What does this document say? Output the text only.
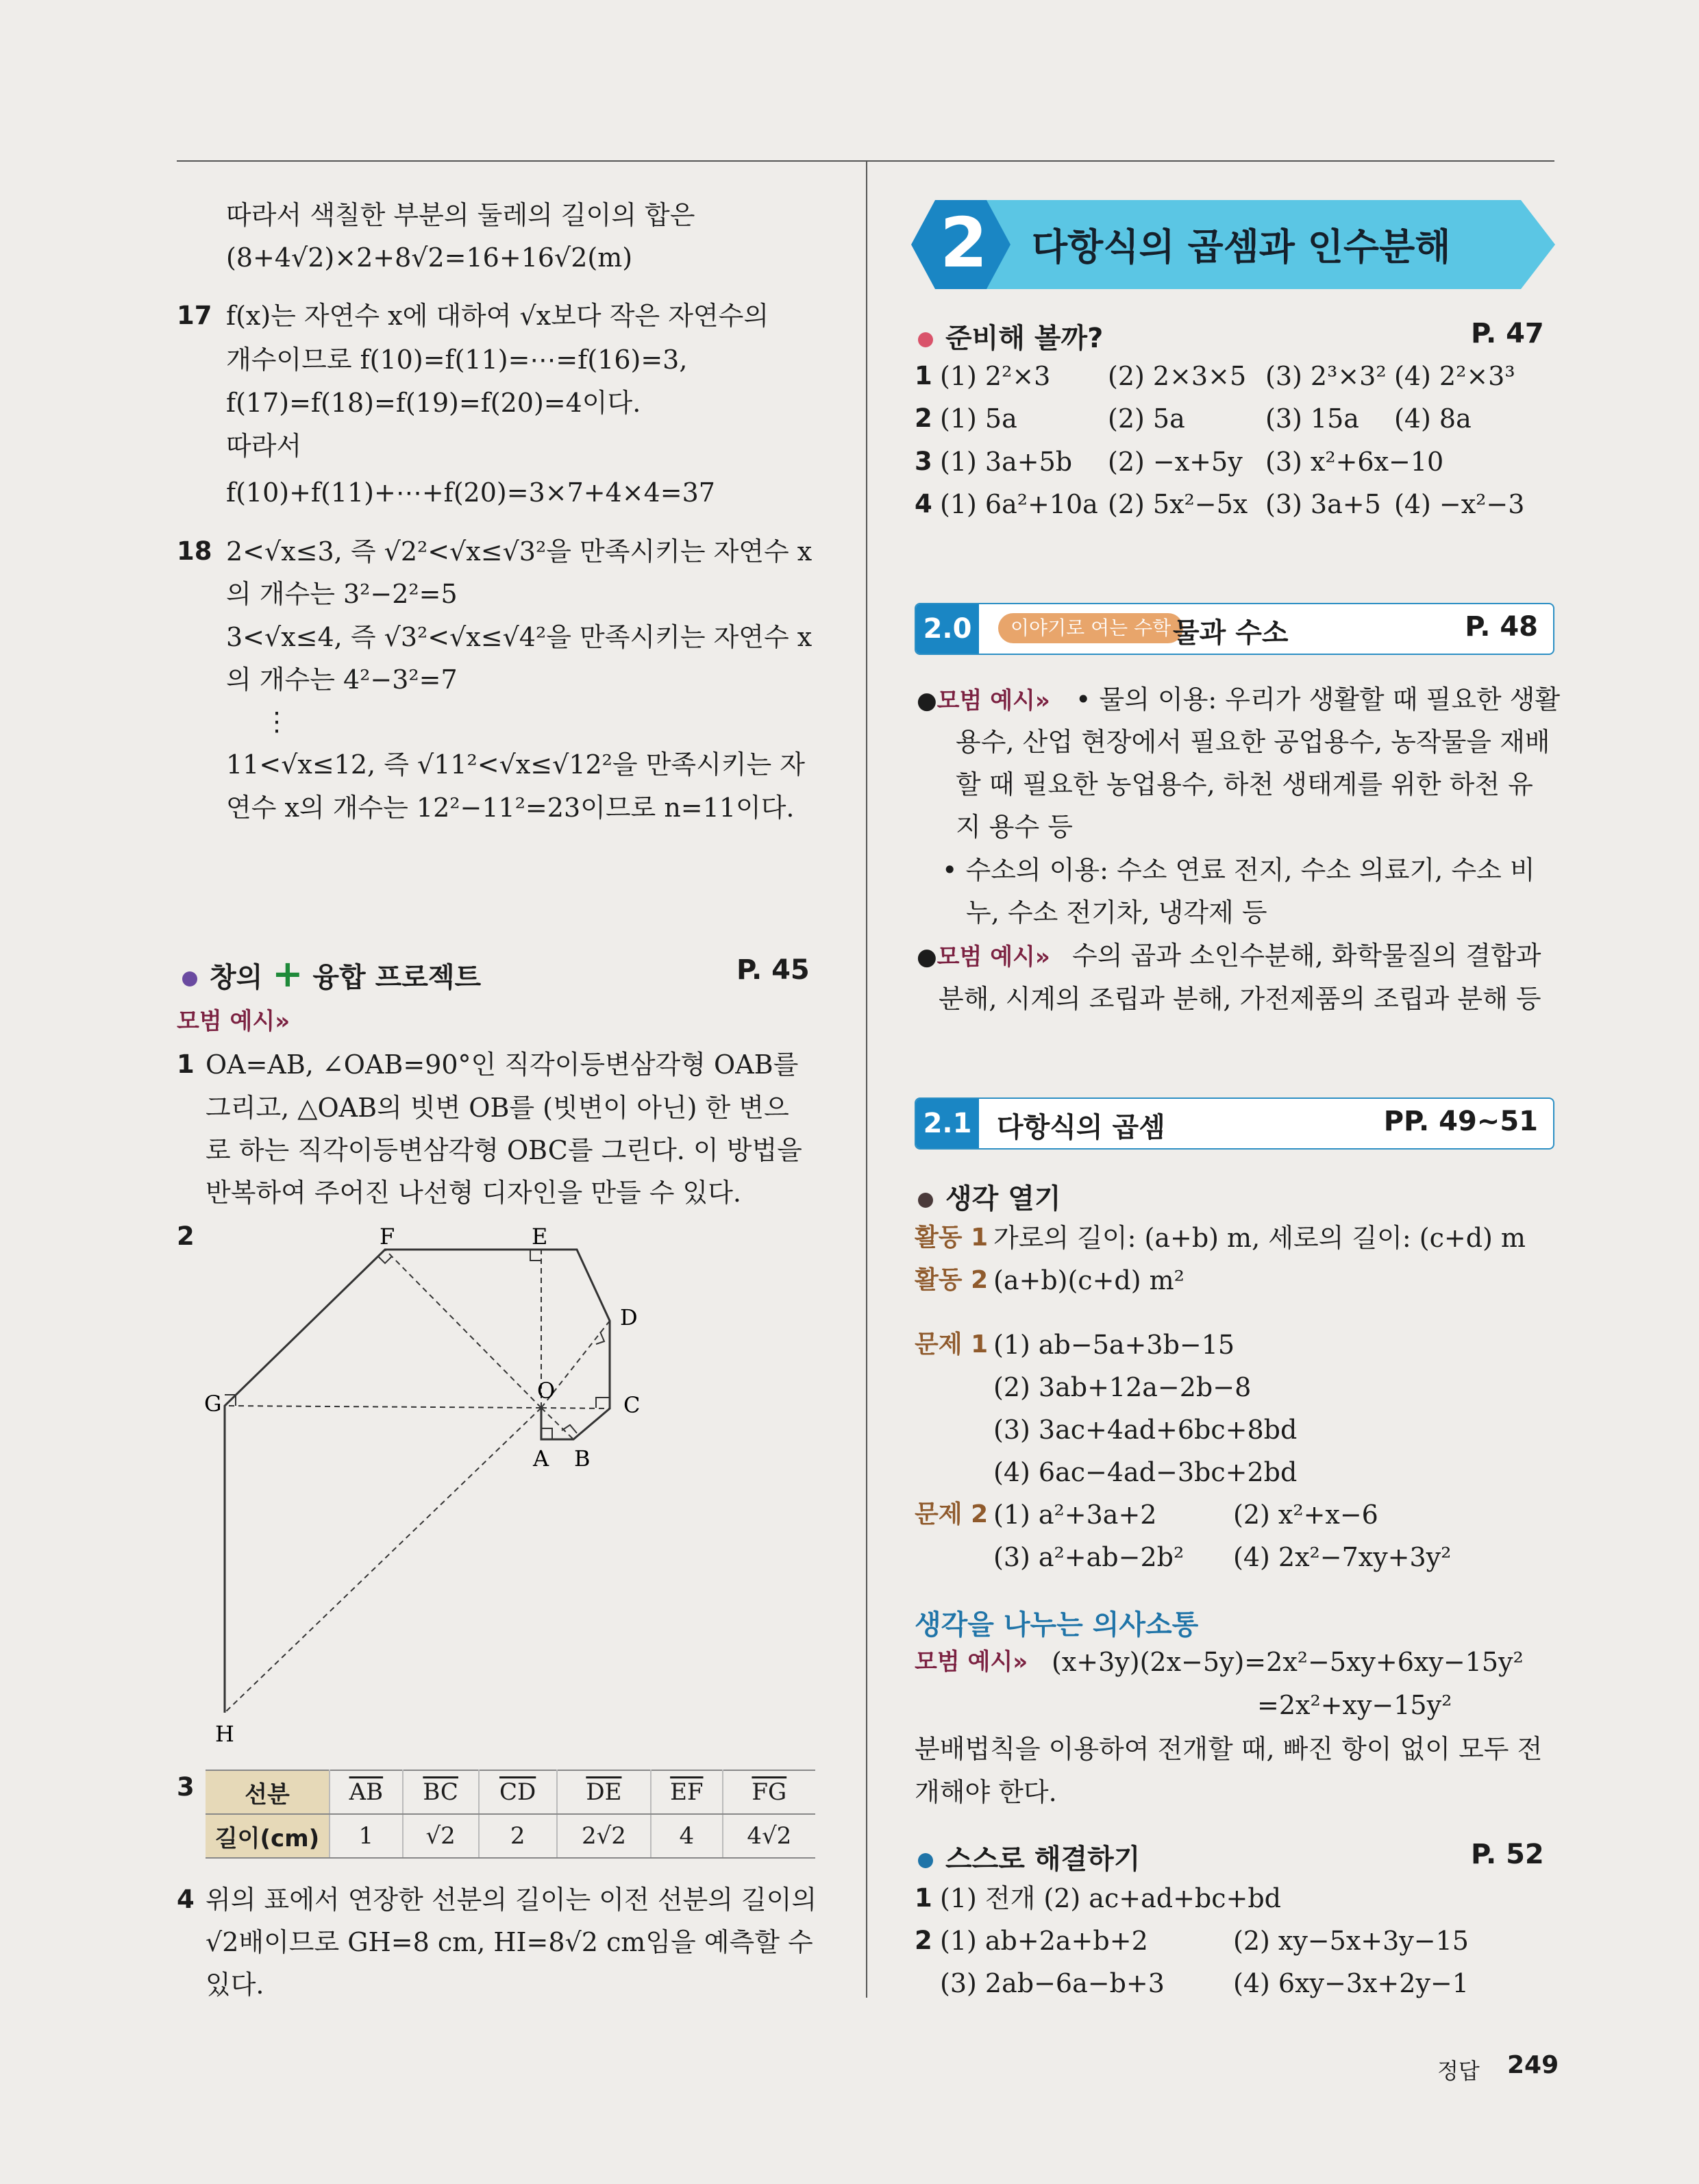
따라서 색칠한 부분의 둘레의 길이의 합은
(8+4√2)×2+8√2=16+16√2(m)
17 f(x)는 자연수 x에 대하여 √x보다 작은 자연수의
개수이므로 f(10)=f(11)=⋯=f(16)=3,
f(17)=f(18)=f(19)=f(20)=4이다.
따라서
f(10)+f(11)+⋯+f(20)=3×7+4×4=37
18 2<√x≤3, 즉 √2²<√x≤√3²을 만족시키는 자연수 x
의 개수는 3²−2²=5
3<√x≤4, 즉 √3²<√x≤√4²을 만족시키는 자연수 x
의 개수는 4²−3²=7
⋮
11<√x≤12, 즉 √11²<√x≤√12²을 만족시키는 자
연수 x의 개수는 12²−11²=23이므로 n=11이다.
창의 + 융합 프로젝트	P. 45
모범 예시»
1 OA=AB, ∠OAB=90°인 직각이등변삼각형 OAB를
그리고, △OAB의 빗변 OB를 (빗변이 아닌) 한 변으
로 하는 직각이등변삼각형 OBC를 그린다. 이 방법을
반복하여 주어진 나선형 디자인을 만들 수 있다.
2
O
A B
C
D
E
F
G
H
3 선분	$\overline{AB}$	$\overline{BC}$	$\overline{CD}$	$\overline{DE}$	$\overline{EF}$	$\overline{FG}$
길이(cm)	1	√2	2	2√2	4	4√2
4 위의 표에서 연장한 선분의 길이는 이전 선분의 길이의
√2배이므로 GH=8 cm, HI=8√2 cm임을 예측할 수
있다.
2 다항식의 곱셈과 인수분해
준비해 볼까?	P. 47
1 (1) 2²×3 (2) 2×3×5 (3) 2³×3² (4) 2²×3³
2 (1) 5a	(2) 5a	(3) 15a (4) 8a
3 (1) 3a+5b (2) −x+5y (3) x²+6x−10
4 (1) 6a²+10a (2) 5x²−5x (3) 3a+5 (4) −x²−3
2.0	이야기로 여는 수학 물과 수소	P. 48
●모범 예시» • 물의 이용: 우리가 생활할 때 필요한 생활
용수, 산업 현장에서 필요한 공업용수, 농작물을 재배
할 때 필요한 농업용수, 하천 생태계를 위한 하천 유
지 용수 등
• 수소의 이용: 수소 연료 전지, 수소 의료기, 수소 비
누, 수소 전기차, 냉각제 등
●모범 예시» 수의 곱과 소인수분해, 화학물질의 결합과
분해, 시계의 조립과 분해, 가전제품의 조립과 분해 등
2.1 다항식의 곱셈	PP. 49~51
생각 열기
활동 1 가로의 길이: (a+b) m, 세로의 길이: (c+d) m
활동 2 (a+b)(c+d) m²
문제 1 (1) ab−5a+3b−15
(2) 3ab+12a−2b−8
(3) 3ac+4ad+6bc+8bd
(4) 6ac−4ad−3bc+2bd
문제 2 (1) a²+3a+2	(2) x²+x−6
(3) a²+ab−2b² (4) 2x²−7xy+3y²
생각을 나누는 의사소통
모범 예시» (x+3y)(2x−5y)=2x²−5xy+6xy−15y²
=2x²+xy−15y²
분배법칙을 이용하여 전개할 때, 빠진 항이 없이 모두 전
개해야 한다.
스스로 해결하기	P. 52
1 (1) 전개 (2) ac+ad+bc+bd
2 (1) ab+2a+b+2	(2) xy−5x+3y−15
(3) 2ab−6a−b+3	(4) 6xy−3x+2y−1
정답 249
